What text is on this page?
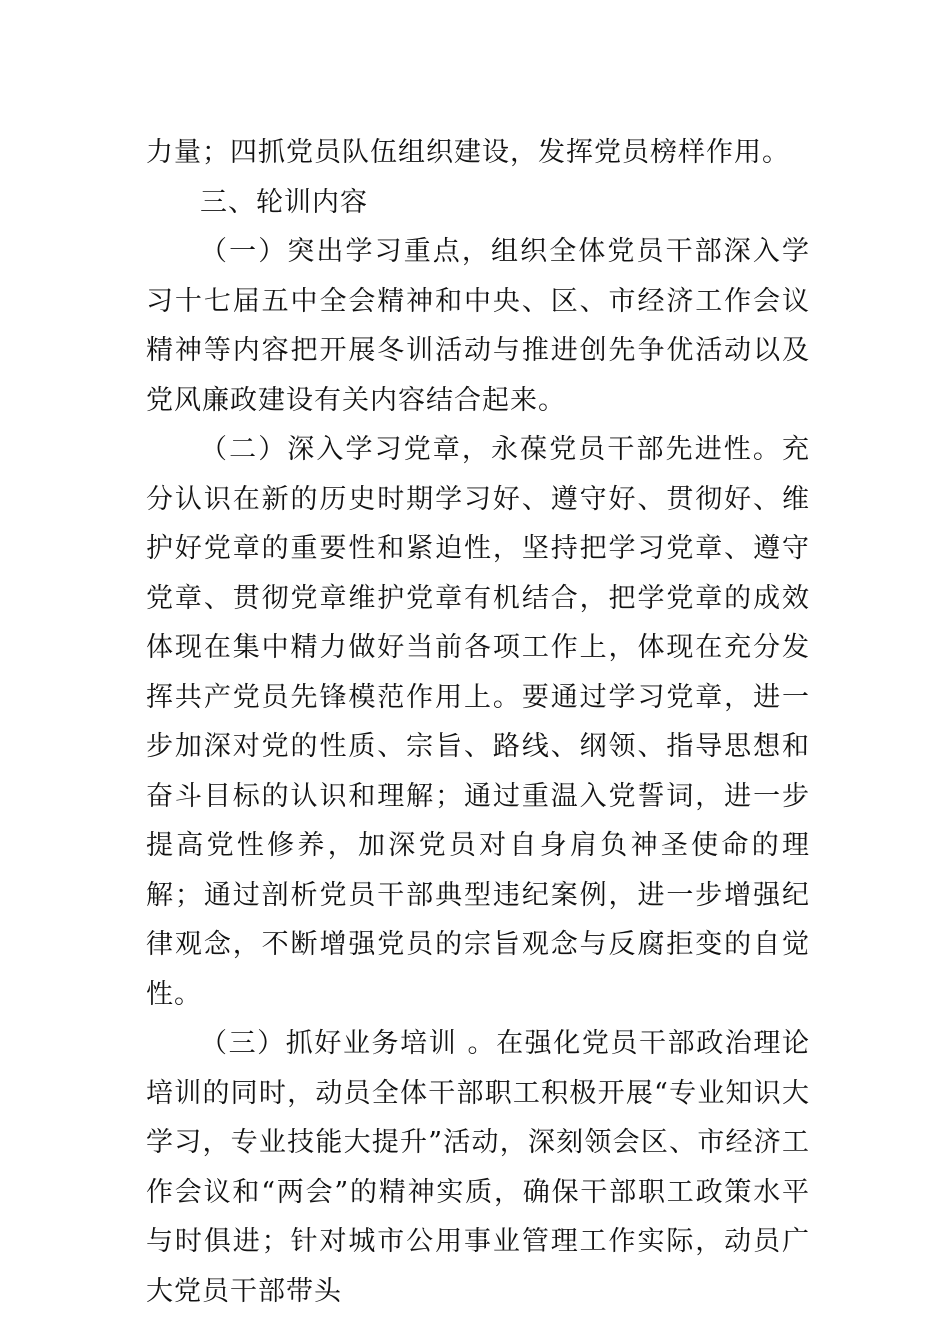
力量；四抓党员队伍组织建设，发挥党员榜样作用。

三、轮训内容

（一）突出学习重点，组织全体党员干部深入学习十七届五中全会精神和中央、区、市经济工作会议精神等内容把开展冬训活动与推进创先争优活动以及党风廉政建设有关内容结合起来。

（二）深入学习党章，永葆党员干部先进性。充分认识在新的历史时期学习好、遵守好、贯彻好、维护好党章的重要性和紧迫性，坚持把学习党章、遵守党章、贯彻党章维护党章有机结合，把学党章的成效体现在集中精力做好当前各项工作上，体现在充分发挥共产党员先锋模范作用上。要通过学习党章，进一步加深对党的性质、宗旨、路线、纲领、指导思想和奋斗目标的认识和理解；通过重温入党誓词，进一步提高党性修养，加深党员对自身肩负神圣使命的理解；通过剖析党员干部典型违纪案例，进一步增强纪律观念，不断增强党员的宗旨观念与反腐拒变的自觉性。

（三）抓好业务培训 。在强化党员干部政治理论培训的同时，动员全体干部职工积极开展“专业知识大学习，专业技能大提升”活动，深刻领会区、市经济工作会议和“两会”的精神实质，确保干部职工政策水平与时俱进；针对城市公用事业管理工作实际，动员广大党员干部带头
